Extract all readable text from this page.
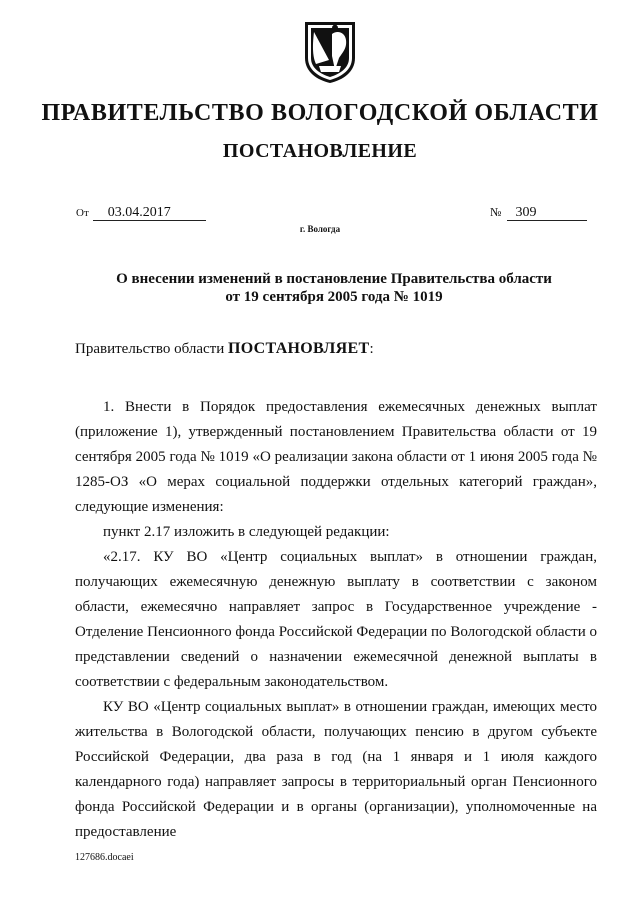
ПРАВИТЕЛЬСТВО ВОЛОГОДСКОЙ ОБЛАСТИ
ПОСТАНОВЛЕНИЕ
От 03.04.2017	№ 309
г. Вологда
О внесении изменений в постановление Правительства области
от 19 сентября 2005 года № 1019
Правительство области ПОСТАНОВЛЯЕТ:

1. Внести в Порядок предоставления ежемесячных денежных выплат (приложение 1), утвержденный постановлением Правительства области от 19 сентября 2005 года № 1019 «О реализации закона области от 1 июня 2005 года № 1285-ОЗ «О мерах социальной поддержки отдельных категорий граждан», следующие изменения:

пункт 2.17 изложить в следующей редакции:

«2.17. КУ ВО «Центр социальных выплат» в отношении граждан, получающих ежемесячную денежную выплату в соответствии с законом области, ежемесячно направляет запрос в Государственное учреждение - Отделение Пенсионного фонда Российской Федерации по Вологодской области о представлении сведений о назначении ежемесячной денежной выплаты в соответствии с федеральным законодательством.

КУ ВО «Центр социальных выплат» в отношении граждан, имеющих место жительства в Вологодской области, получающих пенсию в другом субъекте Российской Федерации, два раза в год (на 1 января и 1 июля каждого календарного года) направляет запросы в территориальный орган Пенсионного фонда Российской Федерации и в органы (организации), уполномоченные на предоставление

127686.docaei
